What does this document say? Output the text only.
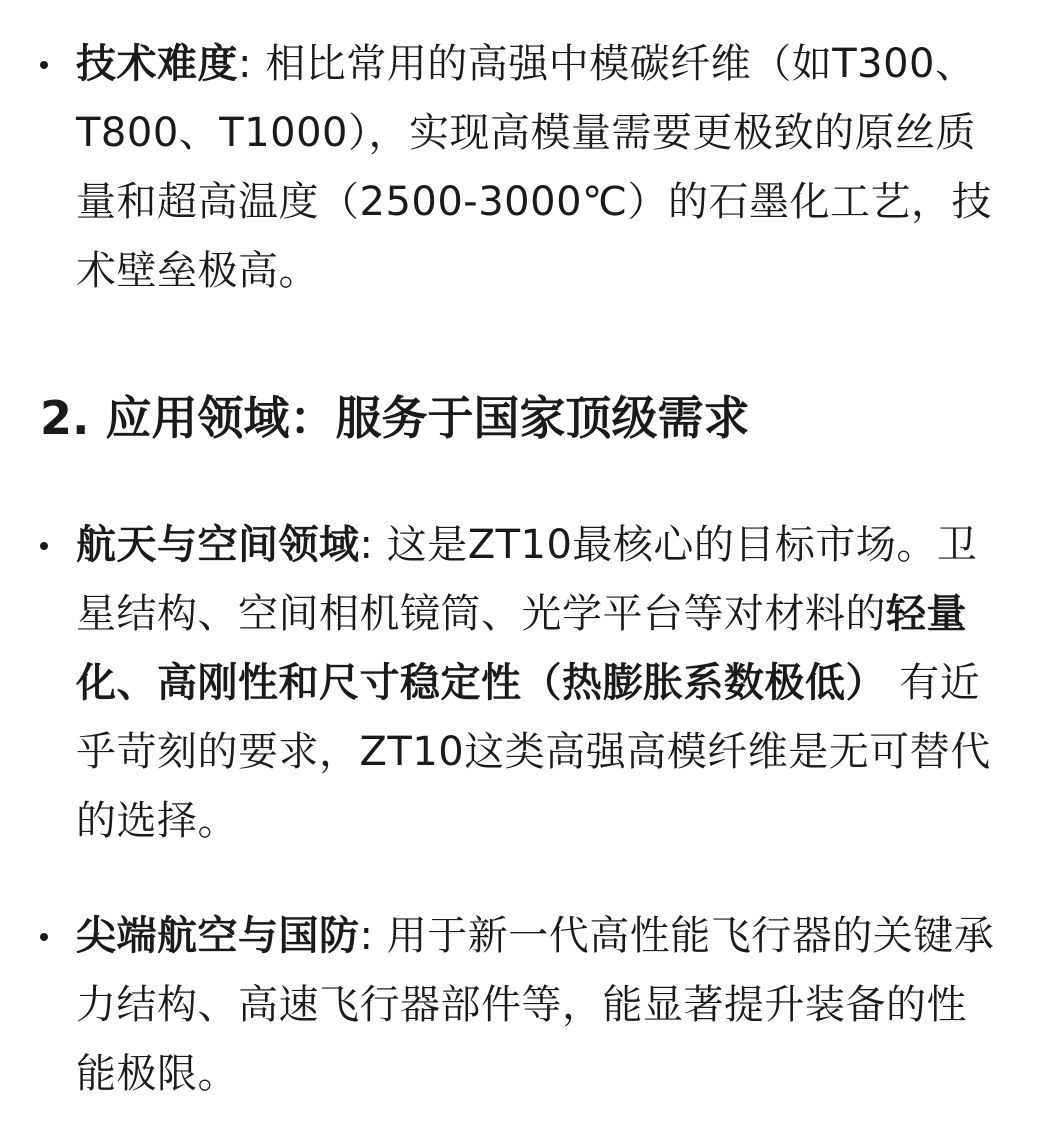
技术难度: 相比常用的高强中模碳纤维（如T300、T800、T1000），实现高模量需要更极致的原丝质量和超高温度（2500-3000℃）的石墨化工艺，技术壁垒极高。
2. 应用领域：服务于国家顶级需求
航天与空间领域: 这是ZT10最核心的目标市场。卫星结构、空间相机镜筒、光学平台等对材料的轻量化、高刚性和尺寸稳定性（热膨胀系数极低） 有近乎苛刻的要求，ZT10这类高强高模纤维是无可替代的选择。
尖端航空与国防: 用于新一代高性能飞行器的关键承力结构、高速飞行器部件等，能显著提升装备的性能极限。
